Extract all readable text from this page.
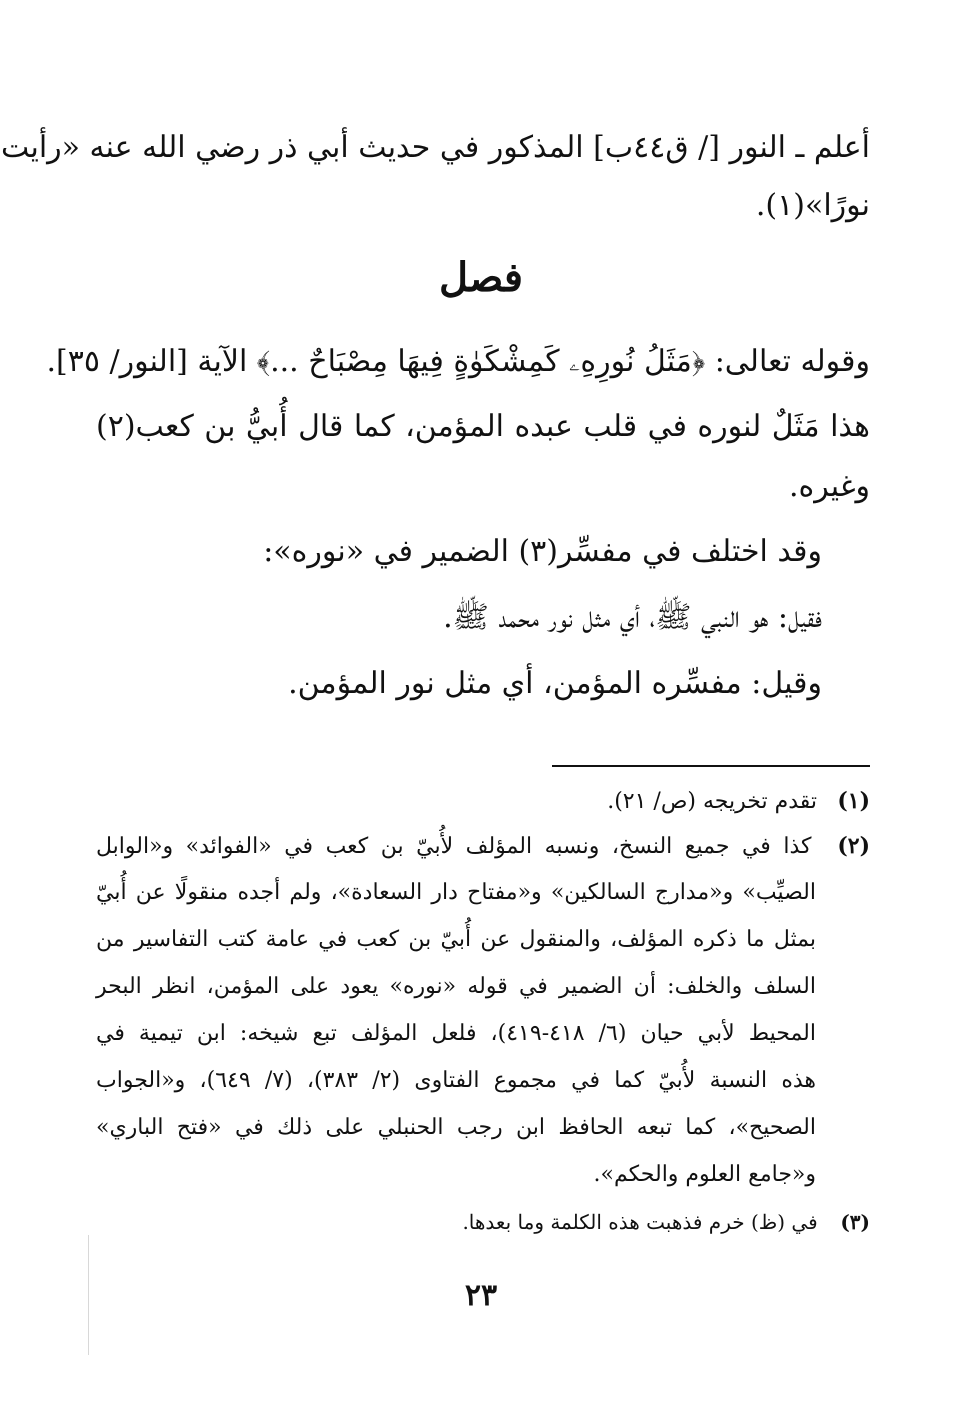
أعلم ـ النور [/ ق٤٤ب] المذكور في حديث أبي ذر رضي الله عنه «رأيت
نورًا»(١).
فصل
وقوله تعالى: ﴿مَثَلُ نُورِهِۦ كَمِشْكَوٰةٍ فِيهَا مِصْبَاحٌ ...﴾ الآية [النور/ ٣٥].
هذا مَثَلٌ لنوره في قلب عبده المؤمن، كما قال أُبيُّ بن كعب(٢)
وغيره.
وقد اختلف في مفسِّر(٣) الضمير في «نوره»:
فقيل: هو النبي ﷺ، أي مثل نور محمد ﷺ.
وقيل: مفسِّره المؤمن، أي مثل نور المؤمن.
(١) تقدم تخريجه (ص/ ٢١).
(٢) كذا في جميع النسخ، ونسبه المؤلف لأُبيّ بن كعب في «الفوائد» و«الوابل
الصيِّب» و«مدارج السالكين» و«مفتاح دار السعادة»، ولم أجده منقولًا عن أُبيّ
بمثل ما ذكره المؤلف، والمنقول عن أُبيّ بن كعب في عامة كتب التفاسير من
السلف والخلف: أن الضمير في قوله «نوره» يعود على المؤمن، انظر البحر
المحيط لأبي حيان (٦/ ٤١٨-٤١٩)، فلعل المؤلف تبع شيخه: ابن تيمية في
هذه النسبة لأُبيّ كما في مجموع الفتاوى (٢/ ٣٨٣)، (٧/ ٦٤٩)، و«الجواب
الصحيح»، كما تبعه الحافظ ابن رجب الحنبلي على ذلك في «فتح الباري»
و«جامع العلوم والحكم».
(٣) في (ظ) خرم فذهبت هذه الكلمة وما بعدها.
٢٣
